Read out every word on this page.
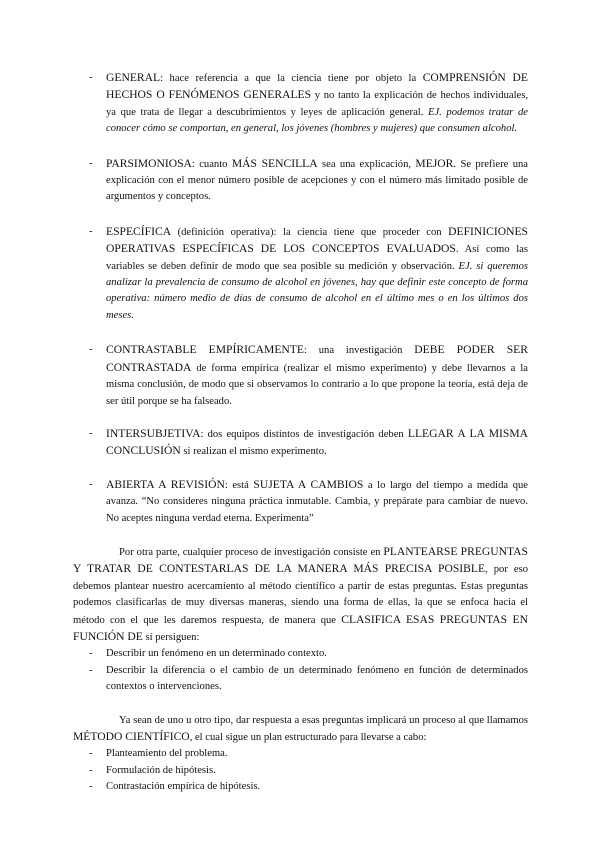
- GENERAL: hace referencia a que la ciencia tiene por objeto la COMPRENSIÓN DE HECHOS O FENÓMENOS GENERALES y no tanto la explicación de hechos individuales, ya que trata de llegar a descubrimientos y leyes de aplicación general. EJ. podemos tratar de conocer cómo se comportan, en general, los jóvenes (hombres y mujeres) que consumen alcohol.
- PARSIMONIOSA: cuanto MÁS SENCILLA sea una explicación, MEJOR. Se prefiere una explicación con el menor número posible de acepciones y con el número más limitado posible de argumentos y conceptos.
- ESPECÍFICA (definición operativa): la ciencia tiene que proceder con DEFINICIONES OPERATIVAS ESPECÍFICAS DE LOS CONCEPTOS EVALUADOS. Así como las variables se deben definir de modo que sea posible su medición y observación. EJ. si queremos analizar la prevalencia de consumo de alcohol en jóvenes, hay que definir este concepto de forma operativa: número medio de días de consumo de alcohol en el último mes o en los últimos dos meses.
- CONTRASTABLE EMPÍRICAMENTE: una investigación DEBE PODER SER CONTRASTADA de forma empírica (realizar el mismo experimento) y debe llevarnos a la misma conclusión, de modo que si observamos lo contrario a lo que propone la teoría, está deja de ser útil porque se ha falseado.
- INTERSUBJETIVA: dos equipos distintos de investigación deben LLEGAR A LA MISMA CONCLUSIÓN si realizan el mismo experimento.
- ABIERTA A REVISIÓN: está SUJETA A CAMBIOS a lo largo del tiempo a medida que avanza. “No consideres ninguna práctica inmutable. Cambia, y prepárate para cambiar de nuevo. No aceptes ninguna verdad eterna. Experimenta”

Por otra parte, cualquier proceso de investigación consiste en PLANTEARSE PREGUNTAS Y TRATAR DE CONTESTARLAS DE LA MANERA MÁS PRECISA POSIBLE, por eso debemos plantear nuestro acercamiento al método científico a partir de estas preguntas. Estas preguntas podemos clasificarlas de muy diversas maneras, siendo una forma de ellas, la que se enfoca hacia el método con el que les daremos respuesta, de manera que CLASIFICA ESAS PREGUNTAS EN FUNCIÓN DE si persiguen:

- Describir un fenómeno en un determinado contexto.
- Describir la diferencia o el cambio de un determinado fenómeno en función de determinados contextos o intervenciones.

Ya sean de uno u otro tipo, dar respuesta a esas preguntas implicará un proceso al que llamamos MÉTODO CIENTÍFICO, el cual sigue un plan estructurado para llevarse a cabo:

- Planteamiento del problema.
- Formulación de hipótesis.
- Contrastación empírica de hipótesis.
